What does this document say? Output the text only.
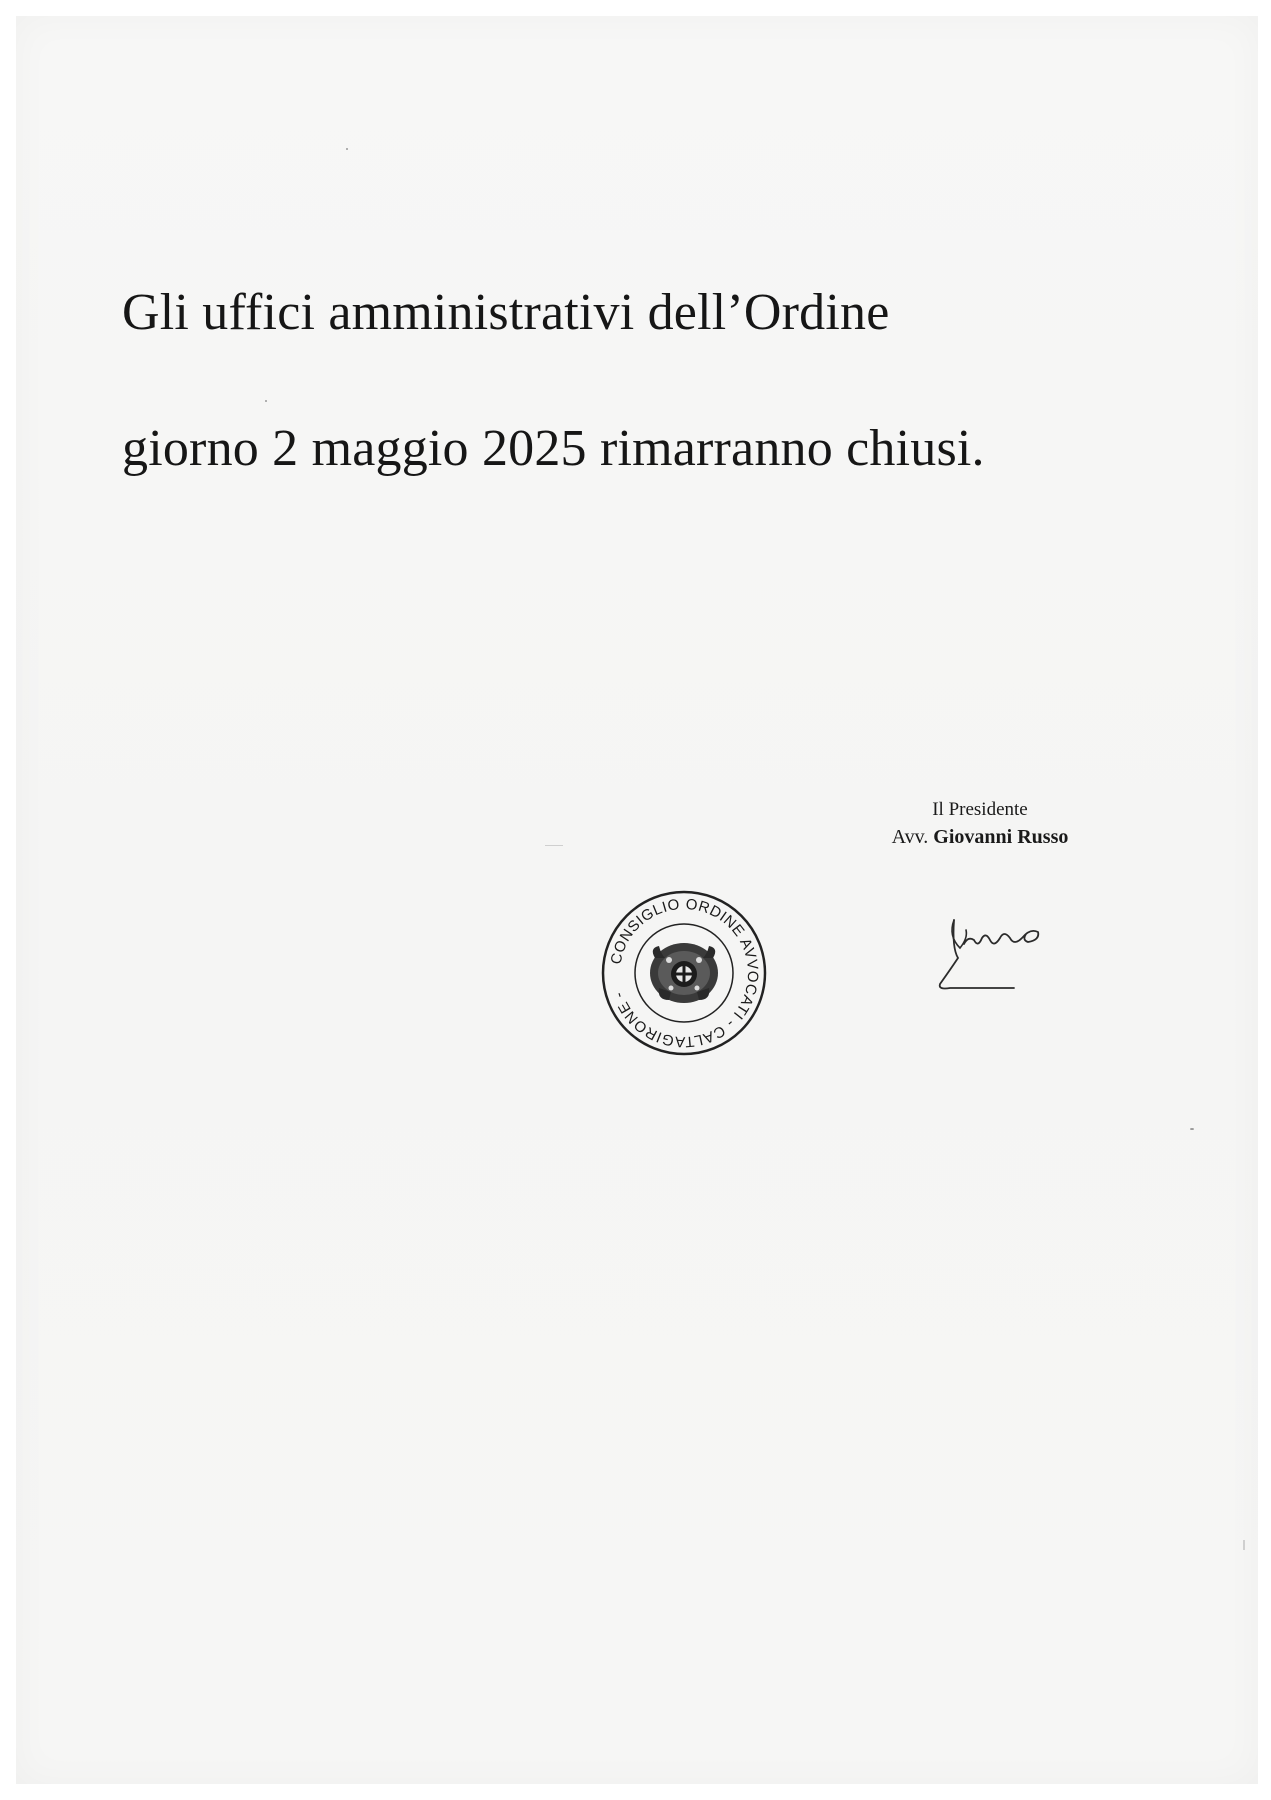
Gli uffici amministrativi dell’Ordine
giorno 2 maggio 2025 rimarranno chiusi.
Il Presidente
Avv. Giovanni Russo
CONSIGLIO ORDINE AVVOCATI - CALTAGIRONE -
